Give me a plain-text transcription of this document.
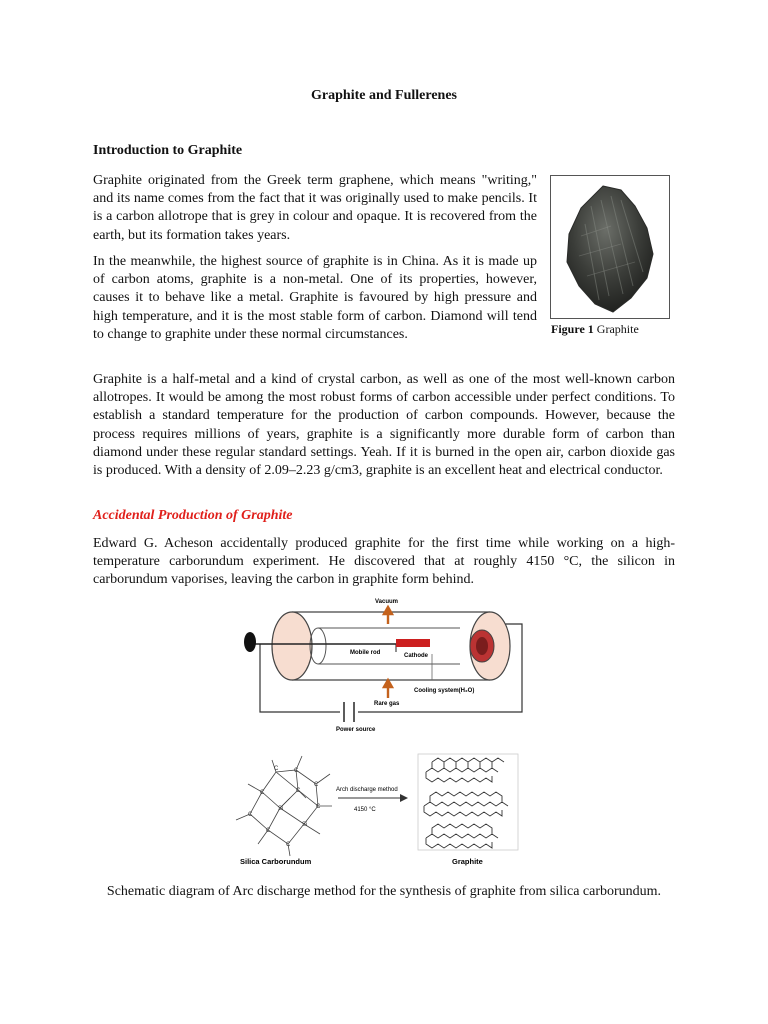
Graphite and Fullerenes
Introduction to Graphite

Graphite originated from the Greek term graphene, which means "writing," and its name comes from the fact that it was originally used to make pencils. It is a carbon allotrope that is grey in colour and opaque. It is recovered from the earth, but its formation takes years.

In the meanwhile, the highest source of graphite is in China. As it is made up of carbon atoms, graphite is a non-metal. One of its properties, however, causes it to behave like a metal. Graphite is favoured by high pressure and high temperature, and it is the most stable form of carbon. Diamond will tend to change to graphite under these normal circumstances.	Figure 1 Graphite

Graphite is a half-metal and a kind of crystal carbon, as well as one of the most well-known carbon allotropes. It would be among the most robust forms of carbon accessible under perfect conditions. To establish a standard temperature for the production of carbon compounds. However, because the process requires millions of years, graphite is a significantly more durable form of carbon than diamond under these regular standard settings. Yeah. If it is burned in the open air, carbon dioxide gas is produced. With a density of 2.09–2.23 g/cm3, graphite is an excellent heat and electrical conductor.

Accidental Production of Graphite

Edward G. Acheson accidentally produced graphite for the first time while working on a high-temperature carborundum experiment. He discovered that at roughly 4150 °C, the silicon in carborundum vaporises, leaving the carbon in graphite form behind.

Power source
Mobile rod	Cathode
Vacuum
Rare gas
Cooling system(H₂O)
C
C
Si
C
C
C
C
Si
C
C
C
Silica Carborundum
Arch discharge method
4150 °C
Graphite
Schematic diagram of Arc discharge method for the synthesis of graphite from silica carborundum.
